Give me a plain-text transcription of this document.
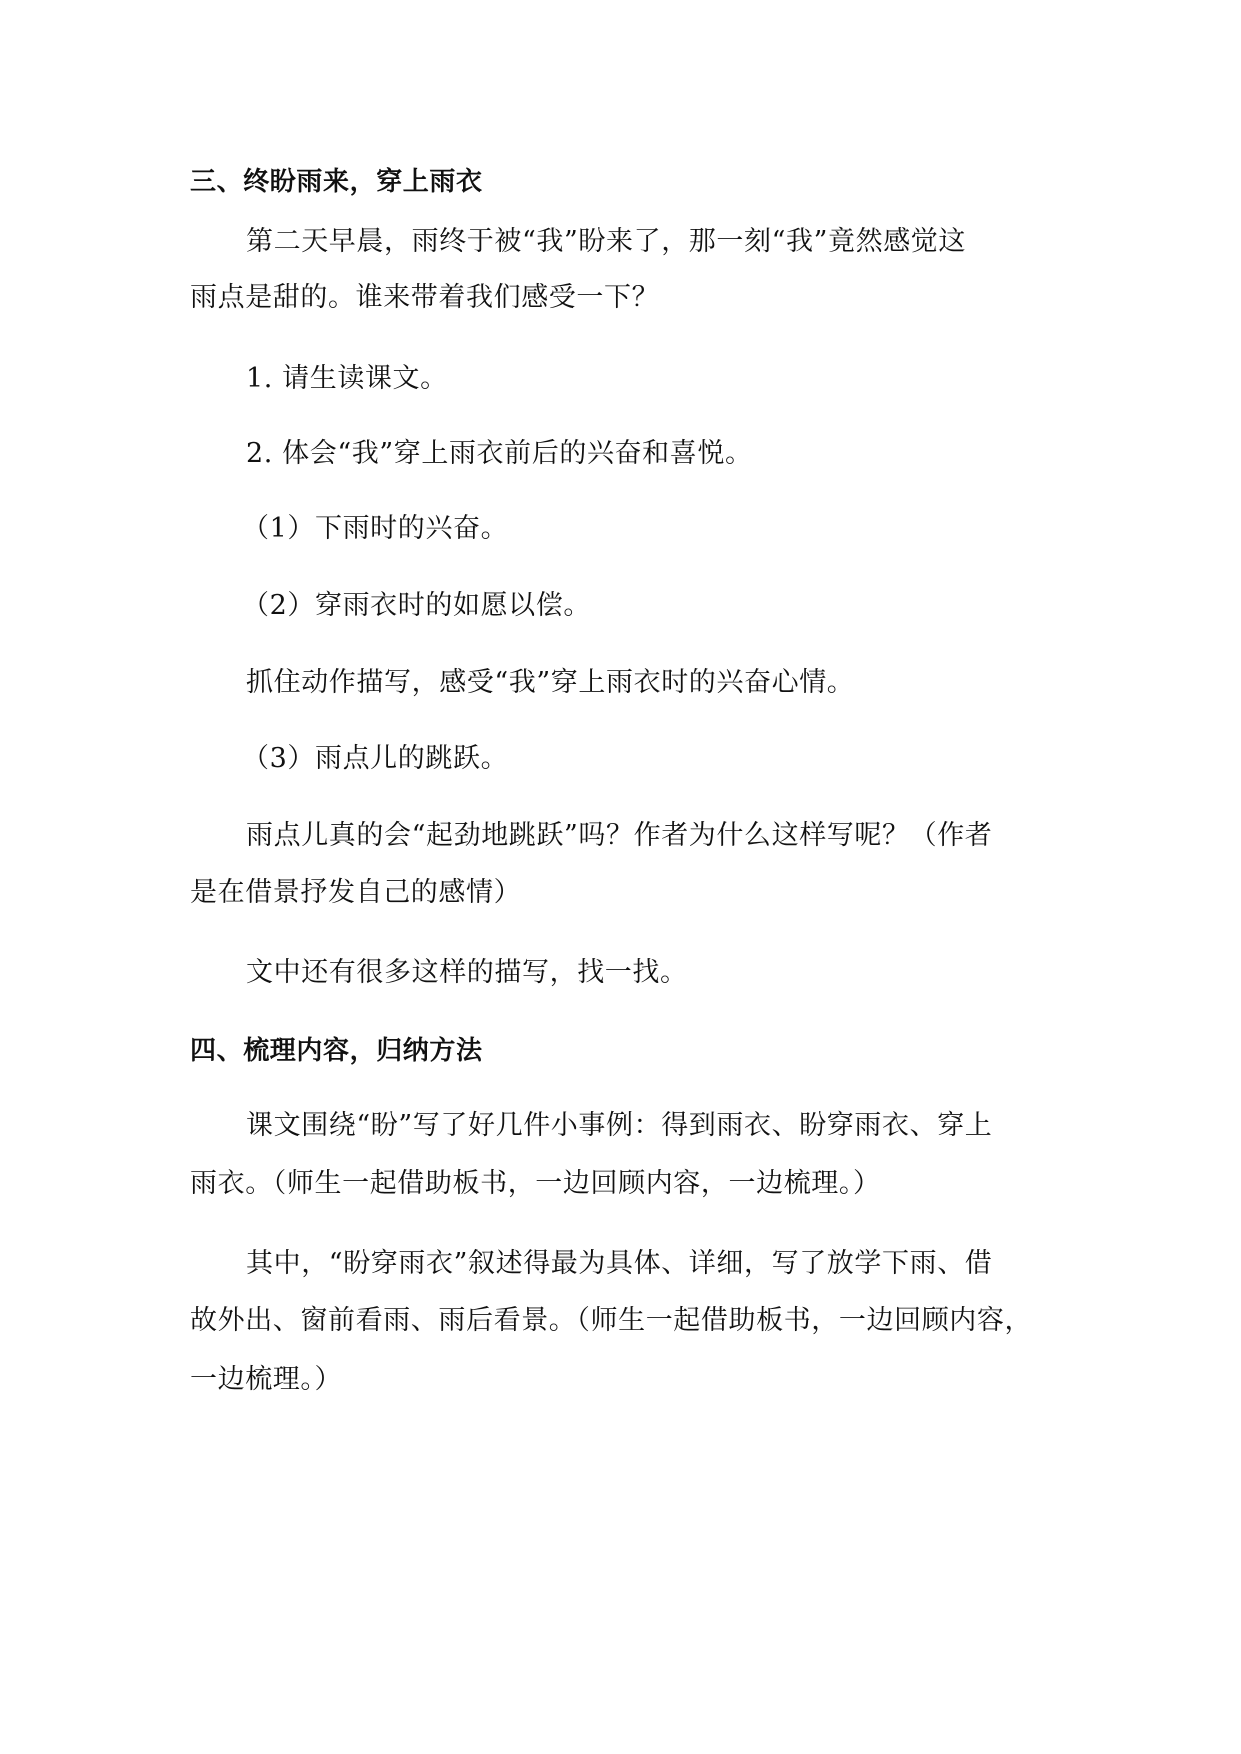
三、终盼雨来，穿上雨衣

第二天早晨，雨终于被“我”盼来了，那一刻“我”竟然感觉这

雨点是甜的。谁来带着我们感受一下？

1. 请生读课文。

2. 体会“我”穿上雨衣前后的兴奋和喜悦。

（1）下雨时的兴奋。

（2）穿雨衣时的如愿以偿。

抓住动作描写，感受“我”穿上雨衣时的兴奋心情。

（3）雨点儿的跳跃。

雨点儿真的会“起劲地跳跃”吗？作者为什么这样写呢？（作者

是在借景抒发自己的感情）

文中还有很多这样的描写，找一找。

四、梳理内容，归纳方法

课文围绕“盼”写了好几件小事例：得到雨衣、盼穿雨衣、穿上

雨衣。（师生一起借助板书，一边回顾内容，一边梳理。）

其中，“盼穿雨衣”叙述得最为具体、详细，写了放学下雨、借

故外出、窗前看雨、雨后看景。（师生一起借助板书，一边回顾内容，

一边梳理。）
